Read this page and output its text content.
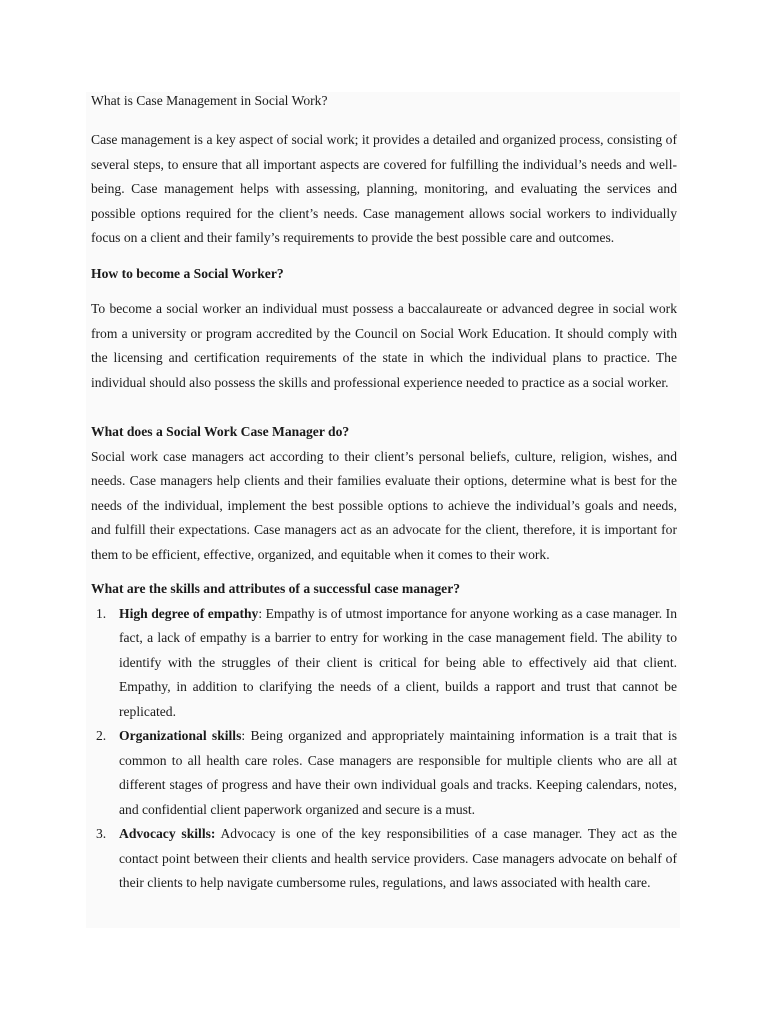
What is Case Management in Social Work?

Case management is a key aspect of social work; it provides a detailed and organized process, consisting of several steps, to ensure that all important aspects are covered for fulfilling the individual’s needs and well-being. Case management helps with assessing, planning, monitoring, and evaluating the services and possible options required for the client’s needs. Case management allows social workers to individually focus on a client and their family’s requirements to provide the best possible care and outcomes.

How to become a Social Worker?

To become a social worker an individual must possess a baccalaureate or advanced degree in social work from a university or program accredited by the Council on Social Work Education. It should comply with the licensing and certification requirements of the state in which the individual plans to practice. The individual should also possess the skills and professional experience needed to practice as a social worker.

What does a Social Work Case Manager do?

Social work case managers act according to their client’s personal beliefs, culture, religion, wishes, and needs. Case managers help clients and their families evaluate their options, determine what is best for the needs of the individual, implement the best possible options to achieve the individual’s goals and needs, and fulfill their expectations. Case managers act as an advocate for the client, therefore, it is important for them to be efficient, effective, organized, and equitable when it comes to their work.

What are the skills and attributes of a successful case manager?

1. High degree of empathy: Empathy is of utmost importance for anyone working as a case manager. In fact, a lack of empathy is a barrier to entry for working in the case management field. The ability to identify with the struggles of their client is critical for being able to effectively aid that client. Empathy, in addition to clarifying the needs of a client, builds a rapport and trust that cannot be replicated.
2. Organizational skills: Being organized and appropriately maintaining information is a trait that is common to all health care roles. Case managers are responsible for multiple clients who are all at different stages of progress and have their own individual goals and tracks. Keeping calendars, notes, and confidential client paperwork organized and secure is a must.
3. Advocacy skills: Advocacy is one of the key responsibilities of a case manager. They act as the contact point between their clients and health service providers. Case managers advocate on behalf of their clients to help navigate cumbersome rules, regulations, and laws associated with health care.
